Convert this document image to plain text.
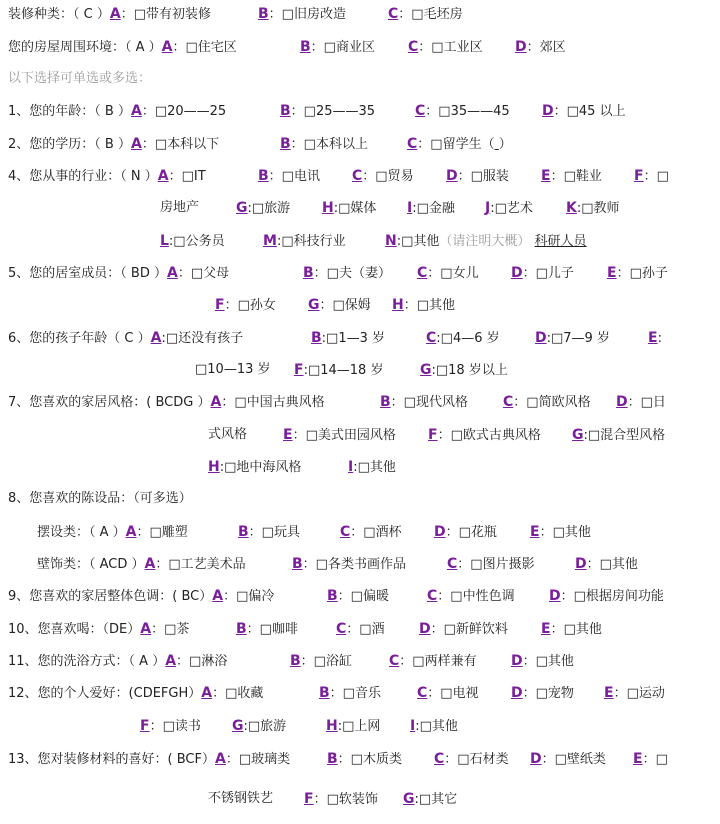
装修种类：（ C ）A：□带有初装修	B：□旧房改造	C：□毛坯房
您的房屋周围环境：（ A ）A：□住宅区	B：□商业区 C：□工业区 D：郊区
以下选择可单选或多选：
1、您的年龄：（ B ）A：□20——25	B：□25——35	C：□35——45 D：□45 以上
2、您的学历：（ B ）A：□本科以下	B：□本科以上	C：□留学生（ ）
4、您从事的行业：（ N ）A：□IT	B：□电讯 C：□贸易 D：□服装 E：□鞋业 F：□
房地产	G:□旅游 H:□媒体 I:□金融 J:□艺术 K:□教师
L:□公务员	M:□科技行业	N:□其他（请注明大概） 科研人员
5、您的居室成员：（ BD ）A：□父母	B：□夫（妻） C：□女儿 D：□儿子 E：□孙子
F：□孙女 G：□保姆 H：□其他
6、您的孩子年龄（ C ）A:□还没有孩子	B:□1—3 岁	C:□4—6 岁	D:□7—9 岁	E:
□10—13 岁 F:□14—18 岁	G:□18 岁以上
7、您喜欢的家居风格：( BCDG ）A：□中国古典风格	B：□现代风格	C：□简欧风格 D：□日
式风格	E：□美式田园风格 F：□欧式古典风格 G:□混合型风格
H:□地中海风格	I:□其他
8、您喜欢的陈设品：（可多选）
摆设类：（ A ）A：□雕塑	B：□玩具	C：□酒杯 D：□花瓶 E：□其他
壁饰类：（ ACD ）A：□工艺美术品	B：□各类书画作品	C：□图片摄影	D：□其他
9、您喜欢的家居整体色调：( BC）A：□偏冷	B：□偏暖	C：□中性色调 D：□根据房间功能
10、您喜欢喝：（DE）A：□茶	B：□咖啡	C：□酒 D：□新鲜饮料 E：□其他
11、您的洗浴方式：（ A ）A：□淋浴	B：□浴缸	C：□两样兼有 D：□其他
12、您的个人爱好：(CDEFGH）A：□收藏	B：□音乐	C：□电视 D：□宠物 E：□运动
F：□读书 G:□旅游	H:□上网 I:□其他
13、您对装修材料的喜好：( BCF）A：□玻璃类	B：□木质类 C：□石材类 D：□壁纸类 E：□
不锈钢铁艺 F：□软装饰 G:□其它
